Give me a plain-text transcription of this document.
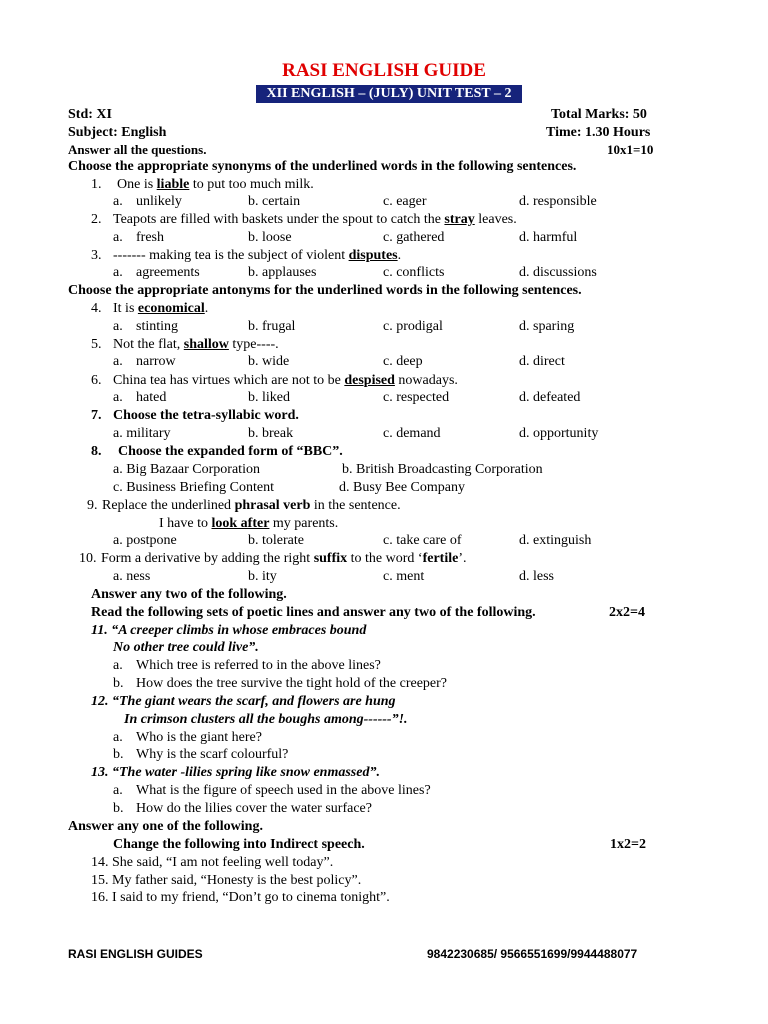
RASI ENGLISH GUIDE
XII ENGLISH – (JULY) UNIT TEST – 2
Std: XI	Total Marks: 50
Subject: English	Time: 1.30 Hours
Answer all the questions.	10x1=10
Choose the appropriate synonyms of the underlined words in the following sentences.
1. One is liable to put too much milk.
a. unlikely	b. certain	c. eager	d. responsible
2. Teapots are filled with baskets under the spout to catch the stray leaves.
a. fresh	b. loose	c. gathered	d. harmful
3. ------- making tea is the subject of violent disputes.
a. agreements	b. applauses	c. conflicts	d. discussions
Choose the appropriate antonyms for the underlined words in the following sentences.
4. It is economical.
a. stinting	b. frugal	c. prodigal	d. sparing
5. Not the flat, shallow type----.
a. narrow	b. wide	c. deep	d. direct
6. China tea has virtues which are not to be despised nowadays.
a. hated	b. liked	c. respected	d. defeated
7. Choose the tetra-syllabic word.
a. military	b. break	c. demand	d. opportunity
8. Choose the expanded form of “BBC”.
a. Big Bazaar Corporation	b. British Broadcasting Corporation
c. Business Briefing Content	d. Busy Bee Company
9. Replace the underlined phrasal verb in the sentence.
I have to look after my parents.
a. postpone	b. tolerate	c. take care of	d. extinguish
10. Form a derivative by adding the right suffix to the word ‘fertile’.
a. ness	b. ity	c. ment	d. less
Answer any two of the following.
Read the following sets of poetic lines and answer any two of the following.	2x2=4
11. “A creeper climbs in whose embraces bound
No other tree could live”.
a. Which tree is referred to in the above lines?
b. How does the tree survive the tight hold of the creeper?
12. “The giant wears the scarf, and flowers are hung
In crimson clusters all the boughs among------”!.
a. Who is the giant here?
b. Why is the scarf colourful?
13. “The water -lilies spring like snow enmassed”.
a. What is the figure of speech used in the above lines?
b. How do the lilies cover the water surface?
Answer any one of the following.
Change the following into Indirect speech.	1x2=2
14. She said, “I am not feeling well today”.
15. My father said, “Honesty is the best policy”.
16. I said to my friend, “Don’t go to cinema tonight”.
RASI ENGLISH GUIDES	9842230685/ 9566551699/9944488077
